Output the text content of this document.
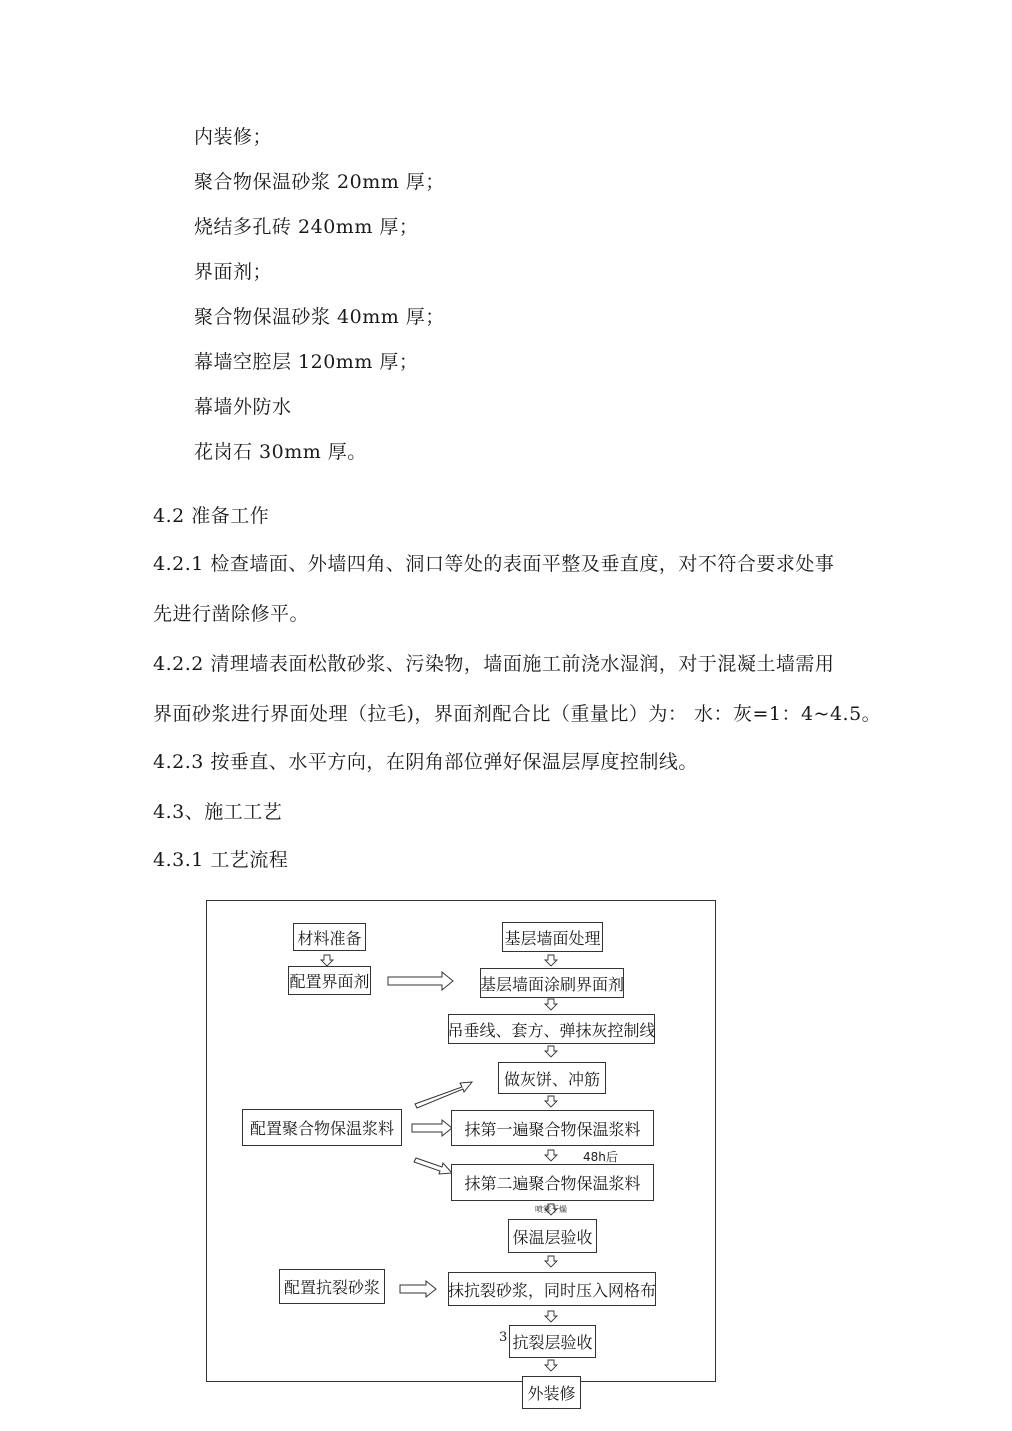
内装修；
聚合物保温砂浆 20mm 厚；
烧结多孔砖 240mm 厚；
界面剂；
聚合物保温砂浆 40mm 厚；
幕墙空腔层 120mm 厚；
幕墙外防水
花岗石 30mm 厚。
4.2 准备工作
4.2.1 检查墙面、外墙四角、洞口等处的表面平整及垂直度，对不符合要求处事
先进行凿除修平。
4.2.2 清理墙表面松散砂浆、污染物，墙面施工前浇水湿润，对于混凝土墙需用
界面砂浆进行界面处理（拉毛)，界面剂配合比（重量比）为： 水：灰=1：4~4.5。
4.2.3 按垂直、水平方向，在阴角部位弹好保温层厚度控制线。
4.3、施工工艺
4.3.1 工艺流程
材料准备
配置界面剂
配置聚合物保温浆料
配置抗裂砂浆
基层墙面处理
基层墙面涂刷界面剂
吊垂线、套方、弹抹灰控制线
做灰饼、冲筋
抹第一遍聚合物保温浆料
48h后
抹第二遍聚合物保温浆料
喷雾干燥
保温层验收
抹抗裂砂浆，同时压入网格布
抗裂层验收
外装修
3
